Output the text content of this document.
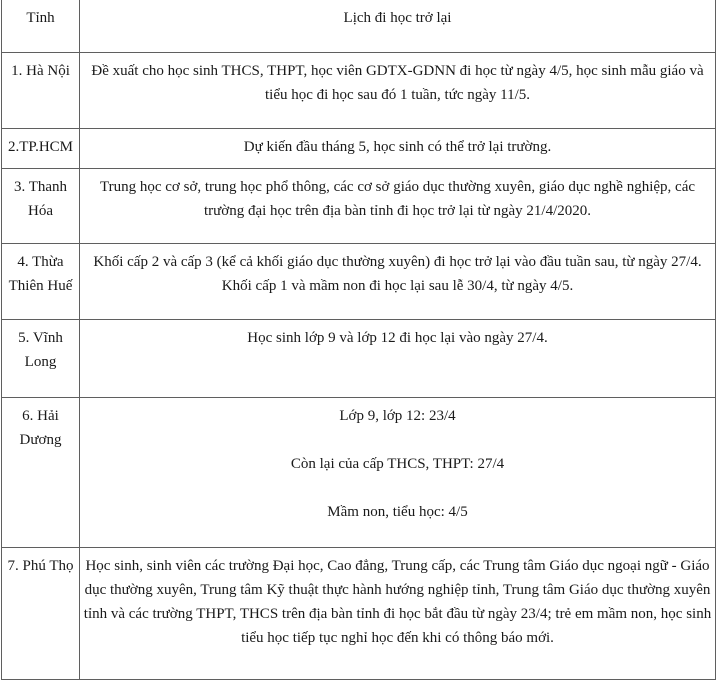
Tỉnh	Lịch đi học trở lại
1. Hà Nội	Đề xuất cho học sinh THCS, THPT, học viên GDTX-GDNN đi học từ ngày 4/5, học sinh mẫu giáo và tiểu học đi học sau đó 1 tuần, tức ngày 11/5.

2.TP.HCM	Dự kiến đầu tháng 5, học sinh có thể trở lại trường.

3. Thanh Hóa	Trung học cơ sở, trung học phổ thông, các cơ sở giáo dục thường xuyên, giáo dục nghề nghiệp, các trường đại học trên địa bàn tỉnh đi học trở lại từ ngày 21/4/2020.

4. Thừa Thiên Huế	Khối cấp 2 và cấp 3 (kể cả khối giáo dục thường xuyên) đi học trở lại vào đầu tuần sau, từ ngày 27/4. Khối cấp 1 và mầm non đi học lại sau lễ 30/4, từ ngày 4/5.

5. Vĩnh Long	Học sinh lớp 9 và lớp 12 đi học lại vào ngày 27/4.

6. Hải Dương	Lớp 9, lớp 12: 23/4

Còn lại của cấp THCS, THPT: 27/4

Mầm non, tiểu học: 4/5

7. Phú Thọ	Học sinh, sinh viên các trường Đại học, Cao đẳng, Trung cấp, các Trung tâm Giáo dục ngoại ngữ - Giáo dục thường xuyên, Trung tâm Kỹ thuật thực hành hướng nghiệp tỉnh, Trung tâm Giáo dục thường xuyên tỉnh và các trường THPT, THCS trên địa bàn tỉnh đi học bắt đầu từ ngày 23/4; trẻ em mầm non, học sinh tiểu học tiếp tục nghỉ học đến khi có thông báo mới.
